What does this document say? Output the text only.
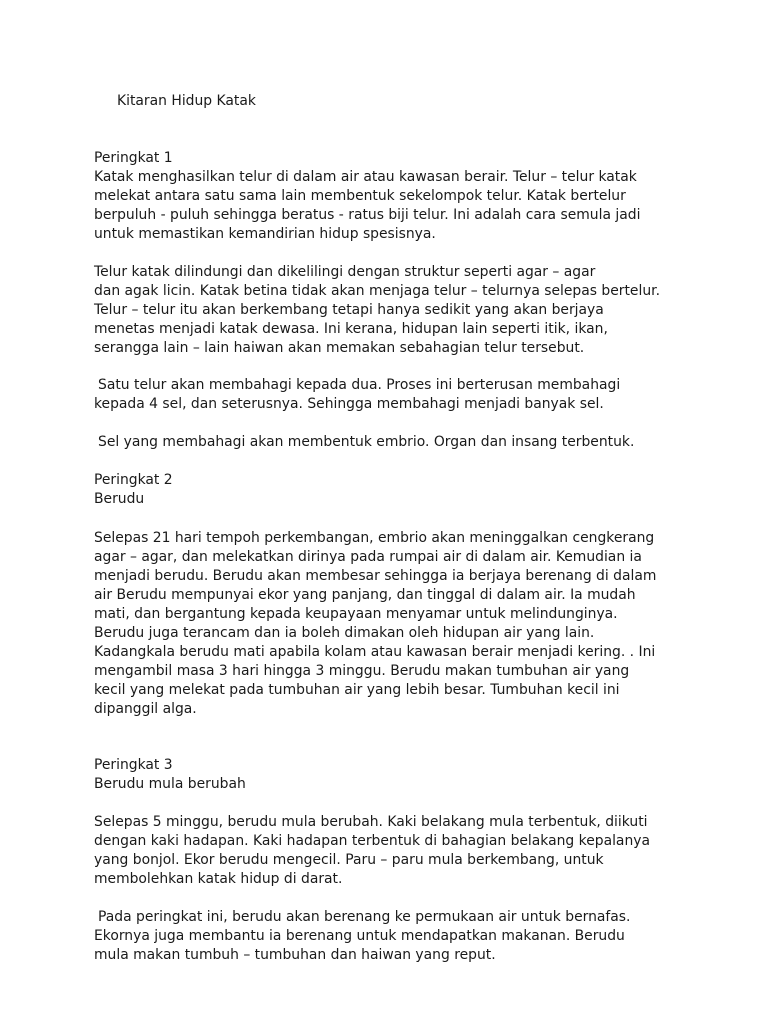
Kitaran Hidup Katak
Peringkat 1
Katak menghasilkan telur di dalam air atau kawasan berair. Telur – telur katak
melekat antara satu sama lain membentuk sekelompok telur. Katak bertelur
berpuluh - puluh sehingga beratus - ratus biji telur. Ini adalah cara semula jadi
untuk memastikan kemandirian hidup spesisnya.
Telur katak dilindungi dan dikelilingi dengan struktur seperti agar – agar
dan agak licin. Katak betina tidak akan menjaga telur – telurnya selepas bertelur.
Telur – telur itu akan berkembang tetapi hanya sedikit yang akan berjaya
menetas menjadi katak dewasa. Ini kerana, hidupan lain seperti itik, ikan,
serangga lain – lain haiwan akan memakan sebahagian telur tersebut.
Satu telur akan membahagi kepada dua. Proses ini berterusan membahagi
kepada 4 sel, dan seterusnya. Sehingga membahagi menjadi banyak sel.
Sel yang membahagi akan membentuk embrio. Organ dan insang terbentuk.
Peringkat 2
Berudu
Selepas 21 hari tempoh perkembangan, embrio akan meninggalkan cengkerang
agar – agar, dan melekatkan dirinya pada rumpai air di dalam air. Kemudian ia
menjadi berudu. Berudu akan membesar sehingga ia berjaya berenang di dalam
air Berudu mempunyai ekor yang panjang, dan tinggal di dalam air. Ia mudah
mati, dan bergantung kepada keupayaan menyamar untuk melindunginya.
Berudu juga terancam dan ia boleh dimakan oleh hidupan air yang lain.
Kadangkala berudu mati apabila kolam atau kawasan berair menjadi kering. . Ini
mengambil masa 3 hari hingga 3 minggu. Berudu makan tumbuhan air yang
kecil yang melekat pada tumbuhan air yang lebih besar. Tumbuhan kecil ini
dipanggil alga.
Peringkat 3
Berudu mula berubah
Selepas 5 minggu, berudu mula berubah. Kaki belakang mula terbentuk, diikuti
dengan kaki hadapan. Kaki hadapan terbentuk di bahagian belakang kepalanya
yang bonjol. Ekor berudu mengecil. Paru – paru mula berkembang, untuk
membolehkan katak hidup di darat.
Pada peringkat ini, berudu akan berenang ke permukaan air untuk bernafas.
Ekornya juga membantu ia berenang untuk mendapatkan makanan. Berudu
mula makan tumbuh – tumbuhan dan haiwan yang reput.
